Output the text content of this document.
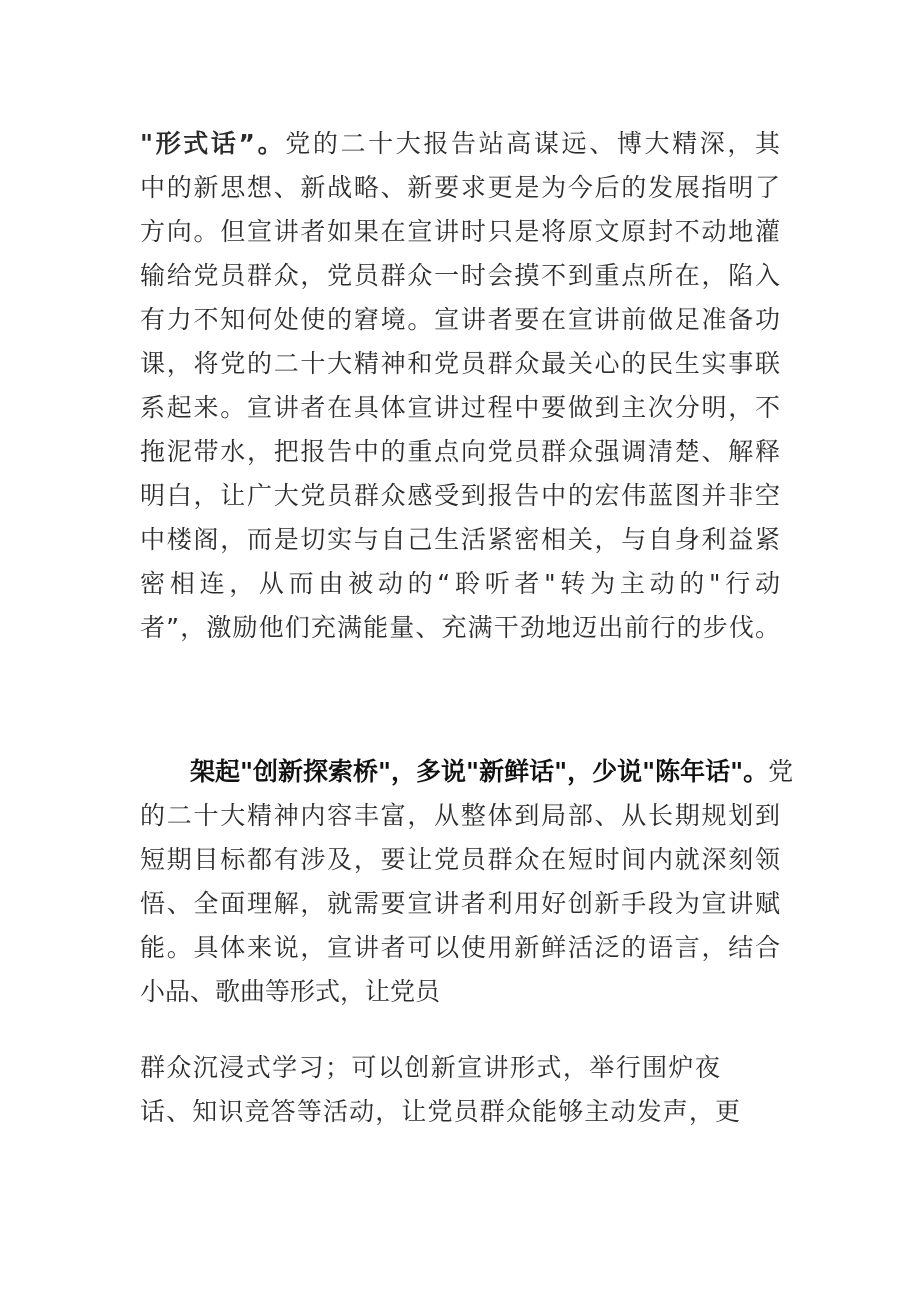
"形式话”。党的二十大报告站高谋远、博大精深，其
中的新思想、新战略、新要求更是为今后的发展指明了
方向。但宣讲者如果在宣讲时只是将原文原封不动地灌
输给党员群众，党员群众一时会摸不到重点所在，陷入
有力不知何处使的窘境。宣讲者要在宣讲前做足准备功
课，将党的二十大精神和党员群众最关心的民生实事联
系起来。宣讲者在具体宣讲过程中要做到主次分明，不
拖泥带水，把报告中的重点向党员群众强调清楚、解释
明白，让广大党员群众感受到报告中的宏伟蓝图并非空
中楼阁，而是切实与自己生活紧密相关，与自身利益紧
密相连，从而由被动的“聆听者"转为主动的"行动
者”，激励他们充满能量、充满干劲地迈出前行的步伐。
架起"创新探索桥"，多说"新鲜话"，少说"陈年话"。党
的二十大精神内容丰富，从整体到局部、从长期规划到
短期目标都有涉及，要让党员群众在短时间内就深刻领
悟、全面理解，就需要宣讲者利用好创新手段为宣讲赋
能。具体来说，宣讲者可以使用新鲜活泛的语言，结合
小品、歌曲等形式，让党员
群众沉浸式学习；可以创新宣讲形式，举行围炉夜
话、知识竞答等活动，让党员群众能够主动发声，更
